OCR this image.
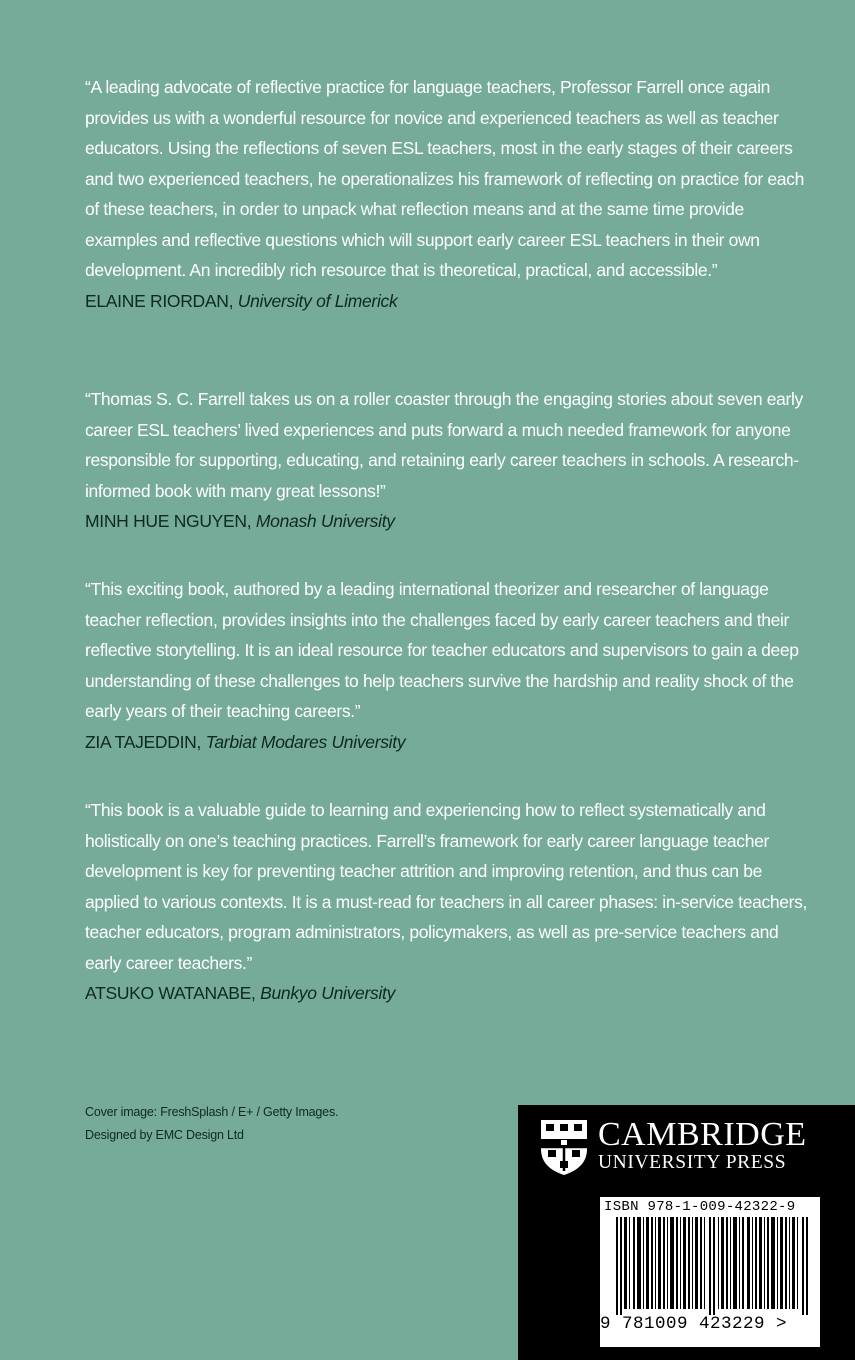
“A leading advocate of reflective practice for language teachers, Professor Farrell once again provides us with a wonderful resource for novice and experienced teachers as well as teacher educators. Using the reflections of seven ESL teachers, most in the early stages of their careers and two experienced teachers, he operationalizes his framework of reflecting on practice for each of these teachers, in order to unpack what reflection means and at the same time provide examples and reflective questions which will support early career ESL teachers in their own development. An incredibly rich resource that is theoretical, practical, and accessible.”

ELAINE RIORDAN, University of Limerick

“Thomas S. C. Farrell takes us on a roller coaster through the engaging stories about seven early career ESL teachers’ lived experiences and puts forward a much needed framework for anyone responsible for supporting, educating, and retaining early career teachers in schools. A research-informed book with many great lessons!”

MINH HUE NGUYEN, Monash University

“This exciting book, authored by a leading international theorizer and researcher of language teacher reflection, provides insights into the challenges faced by early career teachers and their reflective storytelling. It is an ideal resource for teacher educators and supervisors to gain a deep understanding of these challenges to help teachers survive the hardship and reality shock of the early years of their teaching careers.”

ZIA TAJEDDIN, Tarbiat Modares University

“This book is a valuable guide to learning and experiencing how to reflect systematically and holistically on one’s teaching practices. Farrell’s framework for early career language teacher development is key for preventing teacher attrition and improving retention, and thus can be applied to various contexts. It is a must-read for teachers in all career phases: in-service teachers, teacher educators, program administrators, policymakers, as well as pre-service teachers and early career teachers.”

ATSUKO WATANABE, Bunkyo University

Cover image: FreshSplash / E+ / Getty Images.
Designed by EMC Design Ltd	CAMBRIDGE
UNIVERSITY PRESS
ISBN 978-1-009-42322-9
9 781009 423229 >
